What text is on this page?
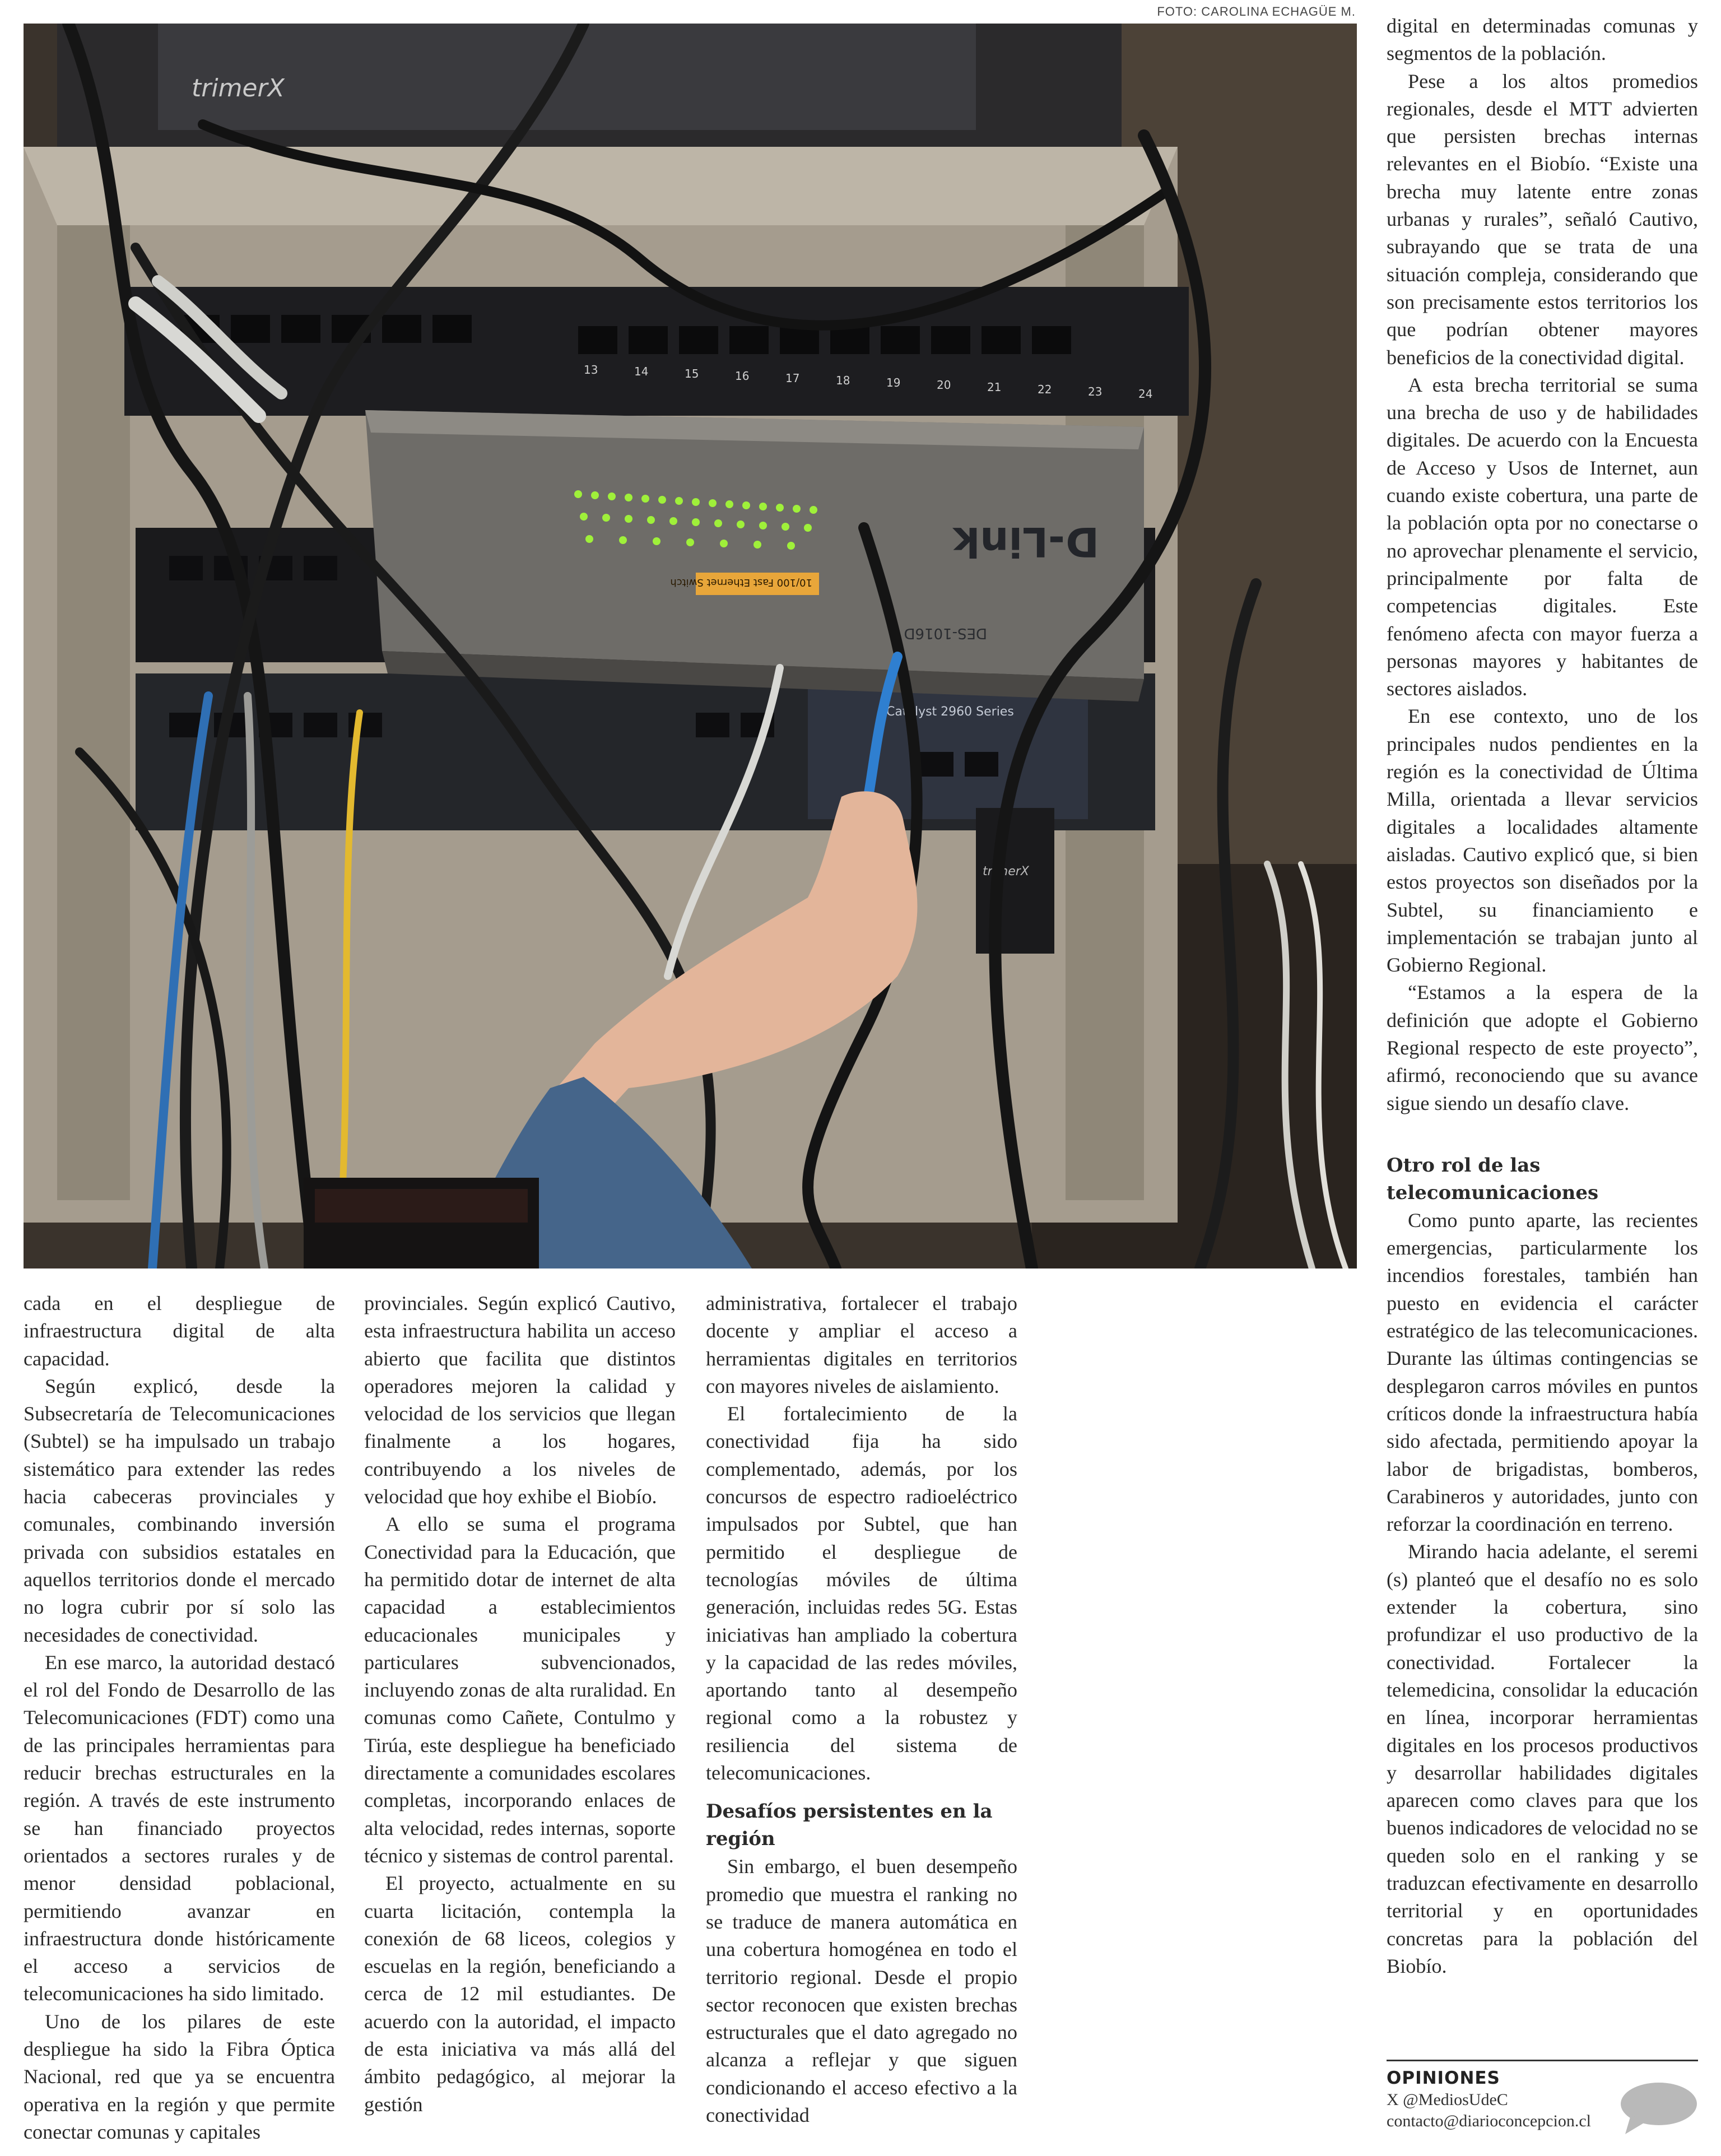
FOTO: CAROLINA ECHAGÜE M.
trimerX
13	14	15	16	17	18	19	20	21	22	23	24
Catalyst 2960 Series
trimerX
10/100 Fast Ethernet Switch
D-Link
DES-1016D

cada en el despliegue de infraestructura digital de alta capacidad.

Según explicó, desde la Subsecretaría de Telecomunicaciones (Subtel) se ha impulsado un trabajo sistemático para extender las redes hacia cabeceras provinciales y comunales, combinando inversión privada con subsidios estatales en aquellos territorios donde el mercado no logra cubrir por sí solo las necesidades de conectividad.

En ese marco, la autoridad destacó el rol del Fondo de Desarrollo de las Telecomunicaciones (FDT) como una de las principales herramientas para reducir brechas estructurales en la región. A través de este instrumento se han financiado proyectos orientados a sectores rurales y de menor densidad poblacional, permitiendo avanzar en infraestructura donde históricamente el acceso a servicios de telecomunicaciones ha sido limitado.

Uno de los pilares de este despliegue ha sido la Fibra Óptica Nacional, red que ya se encuentra operativa en la región y que permite conectar comunas y capitales

provinciales. Según explicó Cautivo, esta infraestructura habilita un acceso abierto que facilita que distintos operadores mejoren la calidad y velocidad de los servicios que llegan finalmente a los hogares, contribuyendo a los niveles de velocidad que hoy exhibe el Biobío.

A ello se suma el programa Conectividad para la Educación, que ha permitido dotar de internet de alta capacidad a establecimientos educacionales municipales y particulares subvencionados, incluyendo zonas de alta ruralidad. En comunas como Cañete, Contulmo y Tirúa, este despliegue ha beneficiado directamente a comunidades escolares completas, incorporando enlaces de alta velocidad, redes internas, soporte técnico y sistemas de control parental.

El proyecto, actualmente en su cuarta licitación, contempla la conexión de 68 liceos, colegios y escuelas en la región, beneficiando a cerca de 12 mil estudiantes. De acuerdo con la autoridad, el impacto de esta iniciativa va más allá del ámbito pedagógico, al mejorar la gestión

administrativa, fortalecer el trabajo docente y ampliar el acceso a herramientas digitales en territorios con mayores niveles de aislamiento.

El fortalecimiento de la conectividad fija ha sido complementado, además, por los concursos de espectro radioeléctrico impulsados por Subtel, que han permitido el despliegue de tecnologías móviles de última generación, incluidas redes 5G. Estas iniciativas han ampliado la cobertura y la capacidad de las redes móviles, aportando tanto al desempeño regional como a la robustez y resiliencia del sistema de telecomunicaciones.

Desafíos persistentes en la región

Sin embargo, el buen desempeño promedio que muestra el ranking no se traduce de manera automática en una cobertura homogénea en todo el territorio regional. Desde el propio sector reconocen que existen brechas estructurales que el dato agregado no alcanza a reflejar y que siguen condicionando el acceso efectivo a la conectividad

digital en determinadas comunas y segmentos de la población.

Pese a los altos promedios regionales, desde el MTT advierten que persisten brechas internas relevantes en el Biobío. “Existe una brecha muy latente entre zonas urbanas y rurales”, señaló Cautivo, subrayando que se trata de una situación compleja, considerando que son precisamente estos territorios los que podrían obtener mayores beneficios de la conectividad digital.

A esta brecha territorial se suma una brecha de uso y de habilidades digitales. De acuerdo con la Encuesta de Acceso y Usos de Internet, aun cuando existe cobertura, una parte de la población opta por no conectarse o no aprovechar plenamente el servicio, principalmente por falta de competencias digitales. Este fenómeno afecta con mayor fuerza a personas mayores y habitantes de sectores aislados.

En ese contexto, uno de los principales nudos pendientes en la región es la conectividad de Última Milla, orientada a llevar servicios digitales a localidades altamente aisladas. Cautivo explicó que, si bien estos proyectos son diseñados por la Subtel, su financiamiento e implementación se trabajan junto al Gobierno Regional.

“Estamos a la espera de la definición que adopte el Gobierno Regional respecto de este proyecto”, afirmó, reconociendo que su avance sigue siendo un desafío clave.

Otro rol de las telecomunicaciones

Como punto aparte, las recientes emergencias, particularmente los incendios forestales, también han puesto en evidencia el carácter estratégico de las telecomunicaciones. Durante las últimas contingencias se desplegaron carros móviles en puntos críticos donde la infraestructura había sido afectada, permitiendo apoyar la labor de brigadistas, bomberos, Carabineros y autoridades, junto con reforzar la coordinación en terreno.

Mirando hacia adelante, el seremi (s) planteó que el desafío no es solo extender la cobertura, sino profundizar el uso productivo de la conectividad. Fortalecer la telemedicina, consolidar la educación en línea, incorporar herramientas digitales en los procesos productivos y desarrollar habilidades digitales aparecen como claves para que los buenos indicadores de velocidad no se queden solo en el ranking y se traduzcan efectivamente en desarrollo territorial y en oportunidades concretas para la población del Biobío.

OPINIONES
X @MediosUdeC
contacto@diarioconcepcion.cl
